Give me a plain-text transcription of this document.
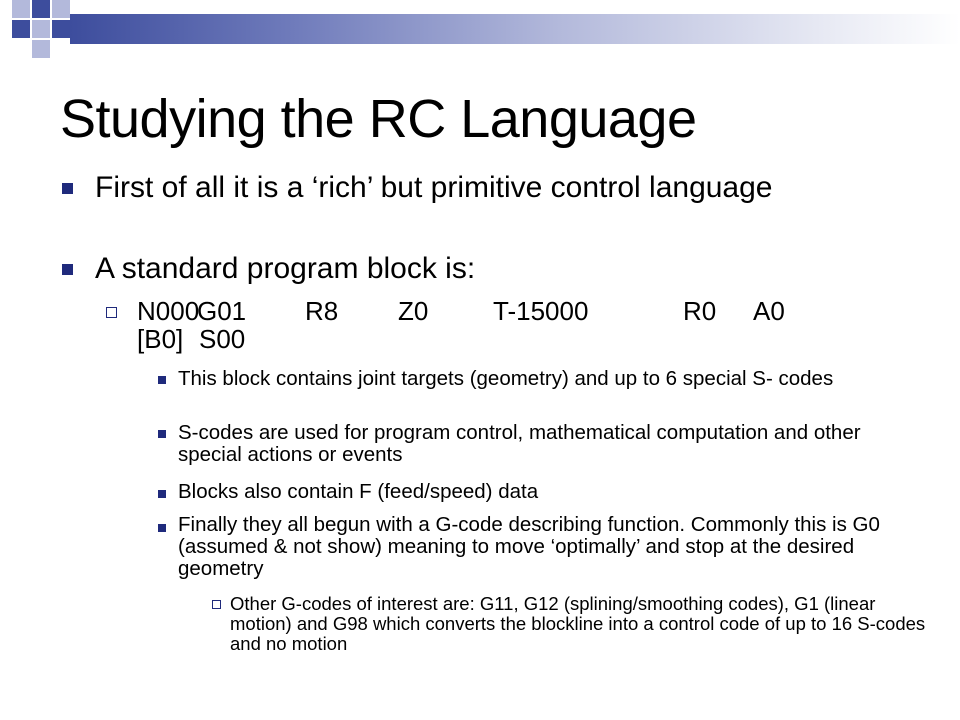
Studying the RC Language
First of all it is a ‘rich’ but primitive control language
A standard program block is:
N000G01 R8 Z0 T-15000	R0 A0
[B0] S00
This block contains joint targets (geometry) and up to 6 special S- codes
S-codes are used for program control, mathematical computation and other special actions or events
Blocks also contain F (feed/speed) data
Finally they all begun with a G-code describing function. Commonly this is G0 (assumed & not show) meaning to move ‘optimally’ and stop at the desired geometry
Other G-codes of interest are: G11, G12 (splining/smoothing codes), G1 (linear motion) and G98 which converts the blockline into a control code of up to 16 S-codes and no motion
